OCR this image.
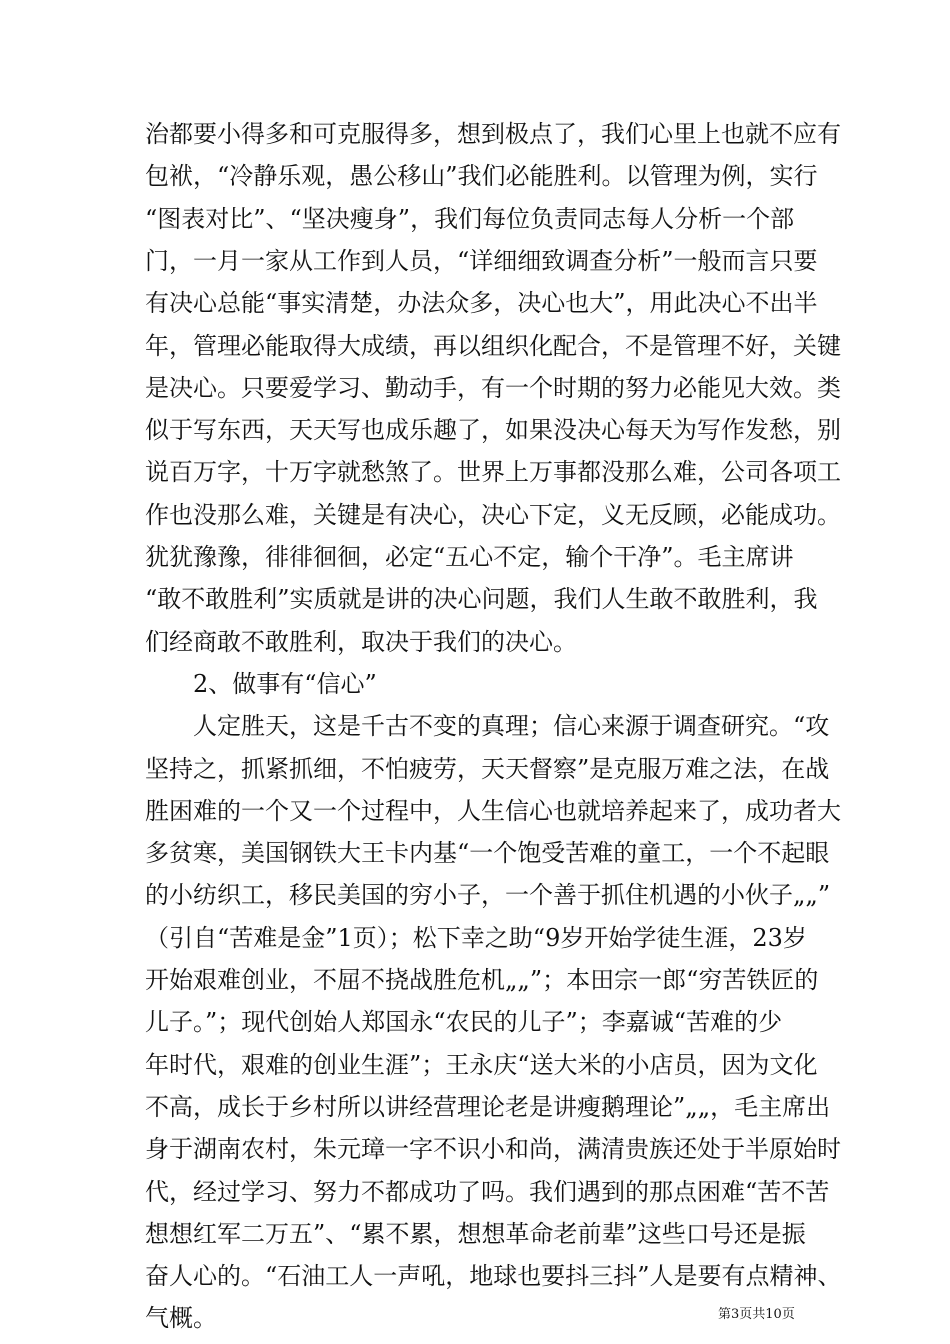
治都要小得多和可克服得多，想到极点了，我们心里上也就不应有

包袱，“冷静乐观，愚公移山”我们必能胜利。以管理为例，实行

“图表对比”、“坚决瘦身”，我们每位负责同志每人分析一个部

门，一月一家从工作到人员，“详细细致调查分析”一般而言只要

有决心总能“事实清楚，办法众多，决心也大”，用此决心不出半

年，管理必能取得大成绩，再以组织化配合，不是管理不好，关键

是决心。只要爱学习、勤动手，有一个时期的努力必能见大效。类

似于写东西，天天写也成乐趣了，如果没决心每天为写作发愁，别

说百万字，十万字就愁煞了。世界上万事都没那么难，公司各项工

作也没那么难，关键是有决心，决心下定，义无反顾，必能成功。

犹犹豫豫，徘徘徊徊，必定“五心不定，输个干净”。毛主席讲

“敢不敢胜利”实质就是讲的决心问题，我们人生敢不敢胜利，我

们经商敢不敢胜利，取决于我们的决心。

　　2、做事有“信心”

　　人定胜天，这是千古不变的真理；信心来源于调查研究。“攻

坚持之，抓紧抓细，不怕疲劳，天天督察”是克服万难之法，在战

胜困难的一个又一个过程中，人生信心也就培养起来了，成功者大

多贫寒，美国钢铁大王卡内基“一个饱受苦难的童工，一个不起眼

的小纺织工，移民美国的穷小子，一个善于抓住机遇的小伙子„„”

（引自“苦难是金”1页）；松下幸之助“9岁开始学徒生涯，23岁

开始艰难创业，不屈不挠战胜危机„„”；本田宗一郎“穷苦铁匠的

儿子。”；现代创始人郑国永“农民的儿子”；李嘉诚“苦难的少

年时代，艰难的创业生涯”；王永庆“送大米的小店员，因为文化

不高，成长于乡村所以讲经营理论老是讲瘦鹅理论”„„，毛主席出

身于湖南农村，朱元璋一字不识小和尚，满清贵族还处于半原始时

代，经过学习、努力不都成功了吗。我们遇到的那点困难“苦不苦

想想红军二万五”、“累不累，想想革命老前辈”这些口号还是振

奋人心的。“石油工人一声吼，地球也要抖三抖”人是要有点精神、

气概。	第3页共10页
